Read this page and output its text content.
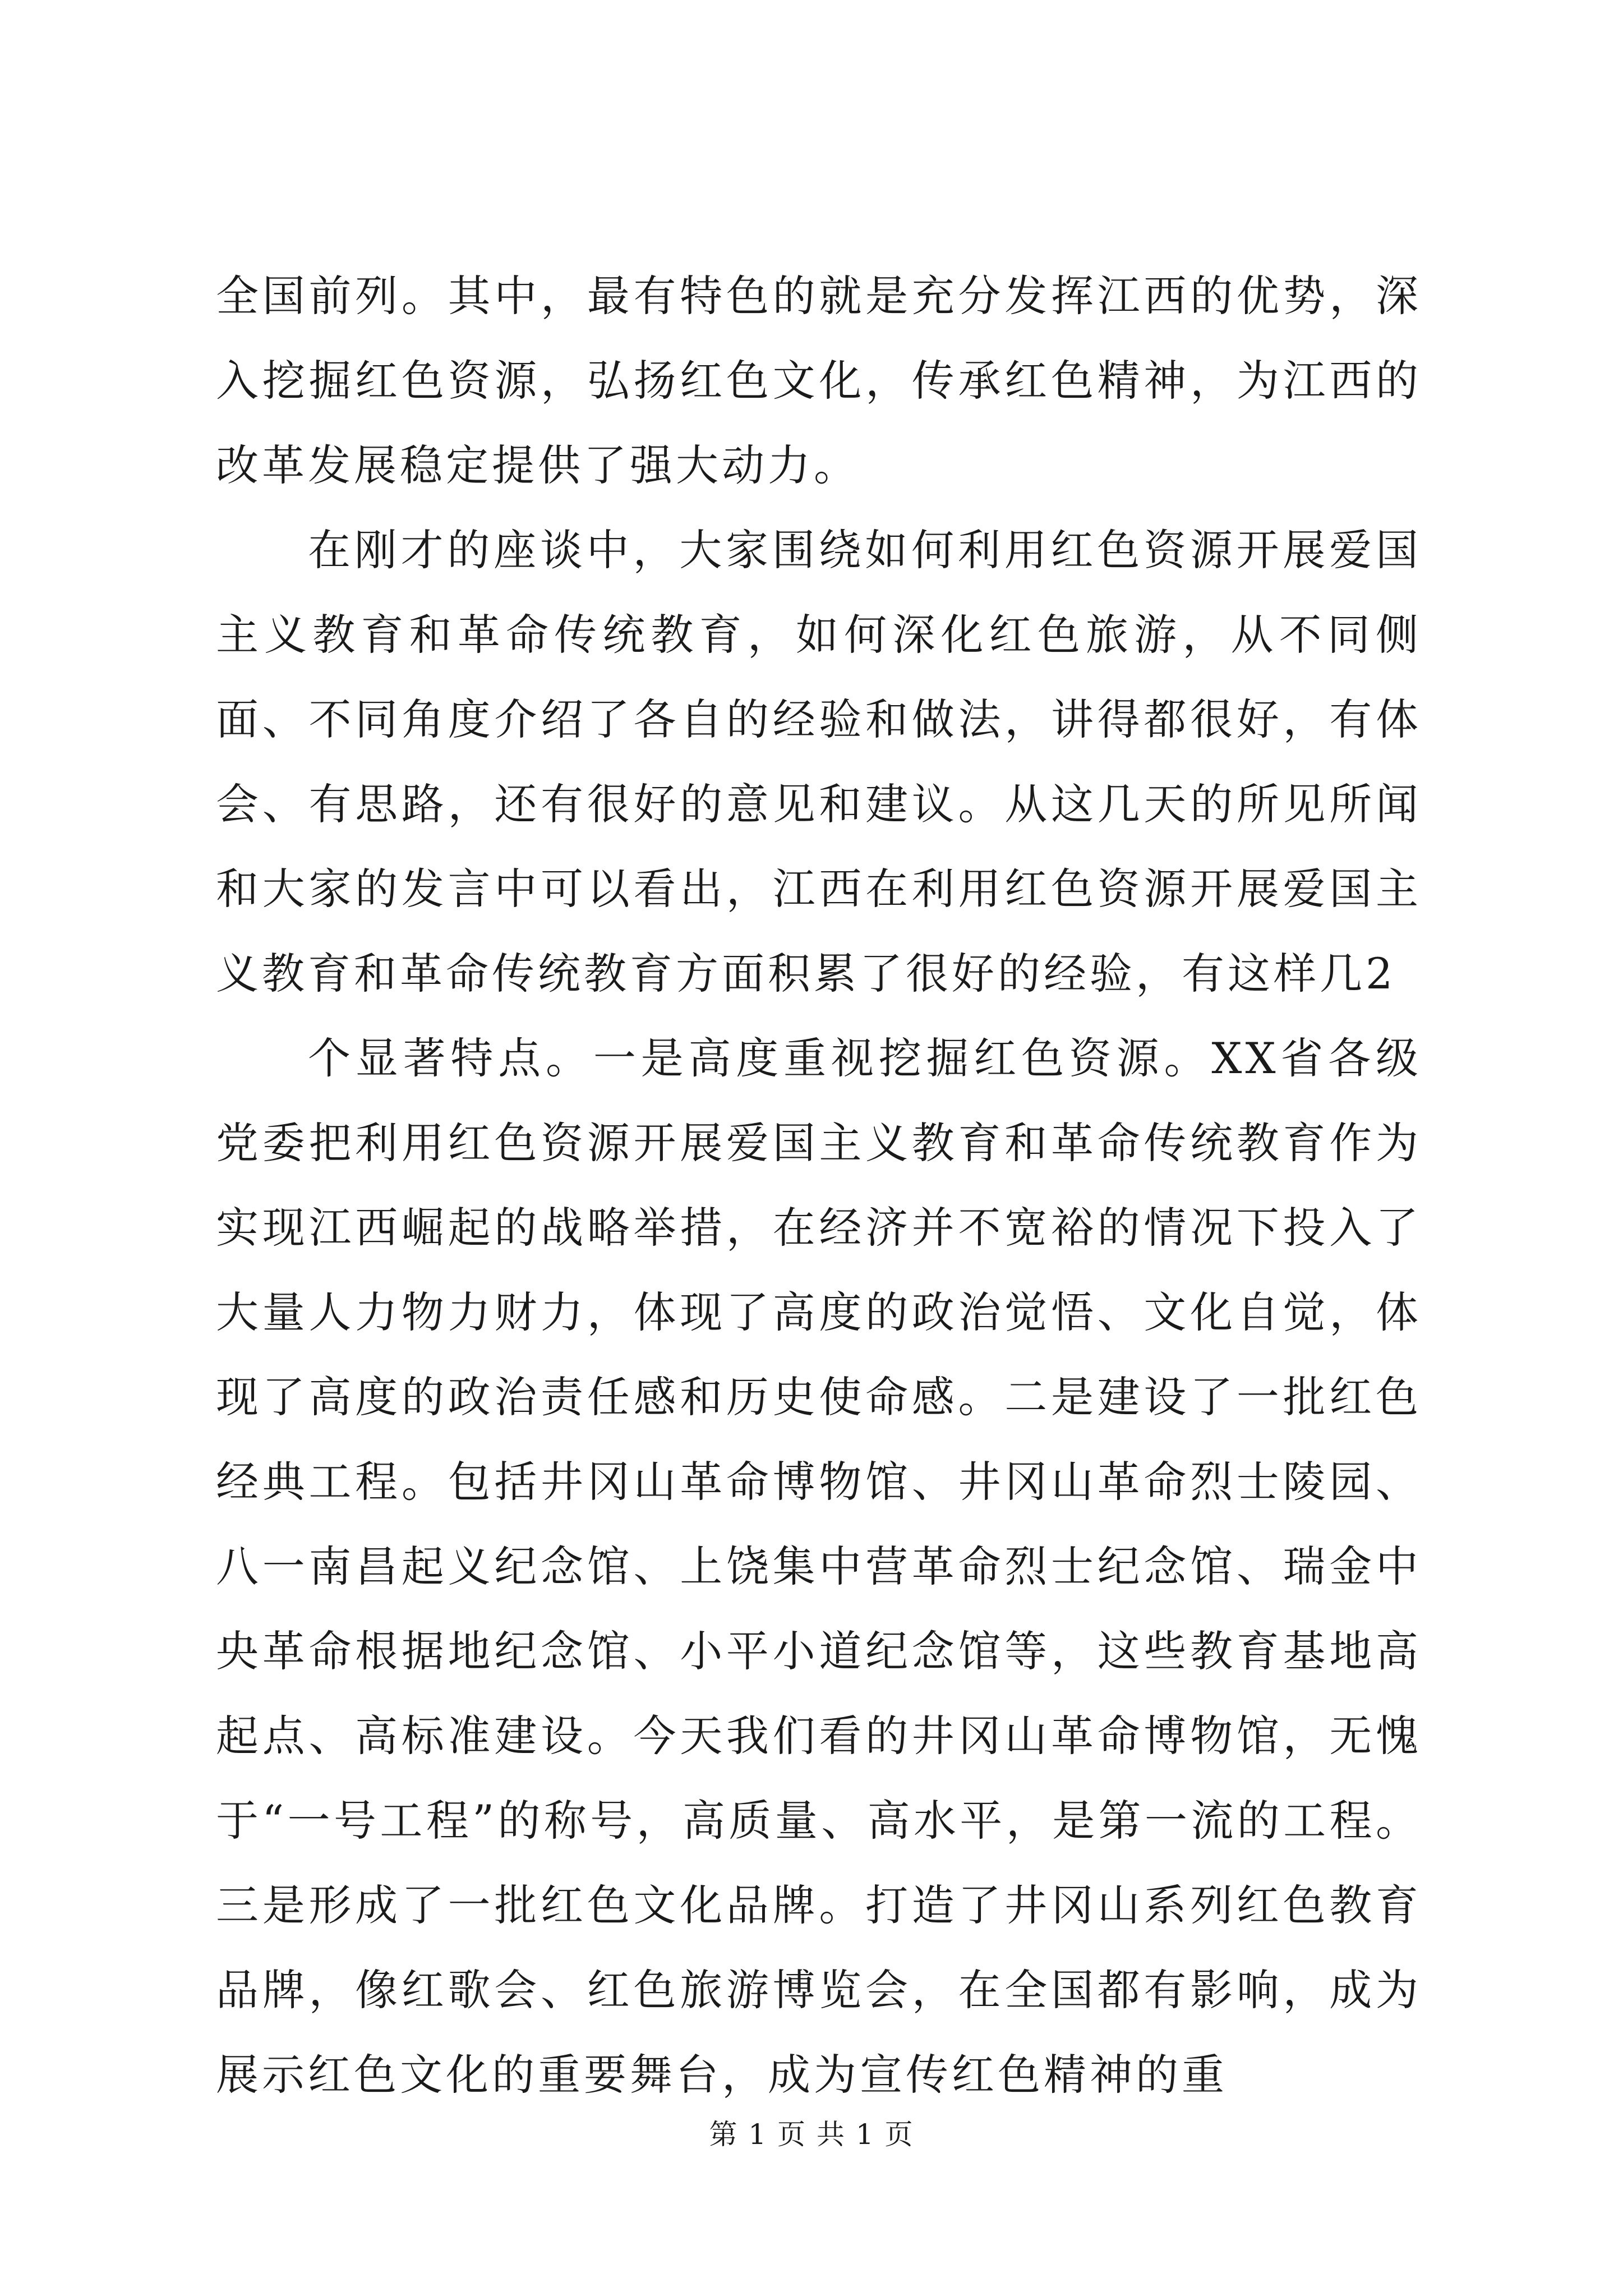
全国前列。其中，最有特色的就是充分发挥江西的优势，深入挖掘红色资源，弘扬红色文化，传承红色精神，为江西的改革发展稳定提供了强大动力。

在刚才的座谈中，大家围绕如何利用红色资源开展爱国主义教育和革命传统教育，如何深化红色旅游，从不同侧面、不同角度介绍了各自的经验和做法，讲得都很好，有体会、有思路，还有很好的意见和建议。从这几天的所见所闻和大家的发言中可以看出，江西在利用红色资源开展爱国主义教育和革命传统教育方面积累了很好的经验，有这样几2

个显著特点。一是高度重视挖掘红色资源。XX省各级党委把利用红色资源开展爱国主义教育和革命传统教育作为实现江西崛起的战略举措，在经济并不宽裕的情况下投入了大量人力物力财力，体现了高度的政治觉悟、文化自觉，体现了高度的政治责任感和历史使命感。二是建设了一批红色经典工程。包括井冈山革命博物馆、井冈山革命烈士陵园、八一南昌起义纪念馆、上饶集中营革命烈士纪念馆、瑞金中央革命根据地纪念馆、小平小道纪念馆等，这些教育基地高起点、高标准建设。今天我们看的井冈山革命博物馆，无愧于“一号工程”的称号，高质量、高水平，是第一流的工程。三是形成了一批红色文化品牌。打造了井冈山系列红色教育品牌，像红歌会、红色旅游博览会，在全国都有影响，成为展示红色文化的重要舞台，成为宣传红色精神的重

第 1 页 共 1 页
